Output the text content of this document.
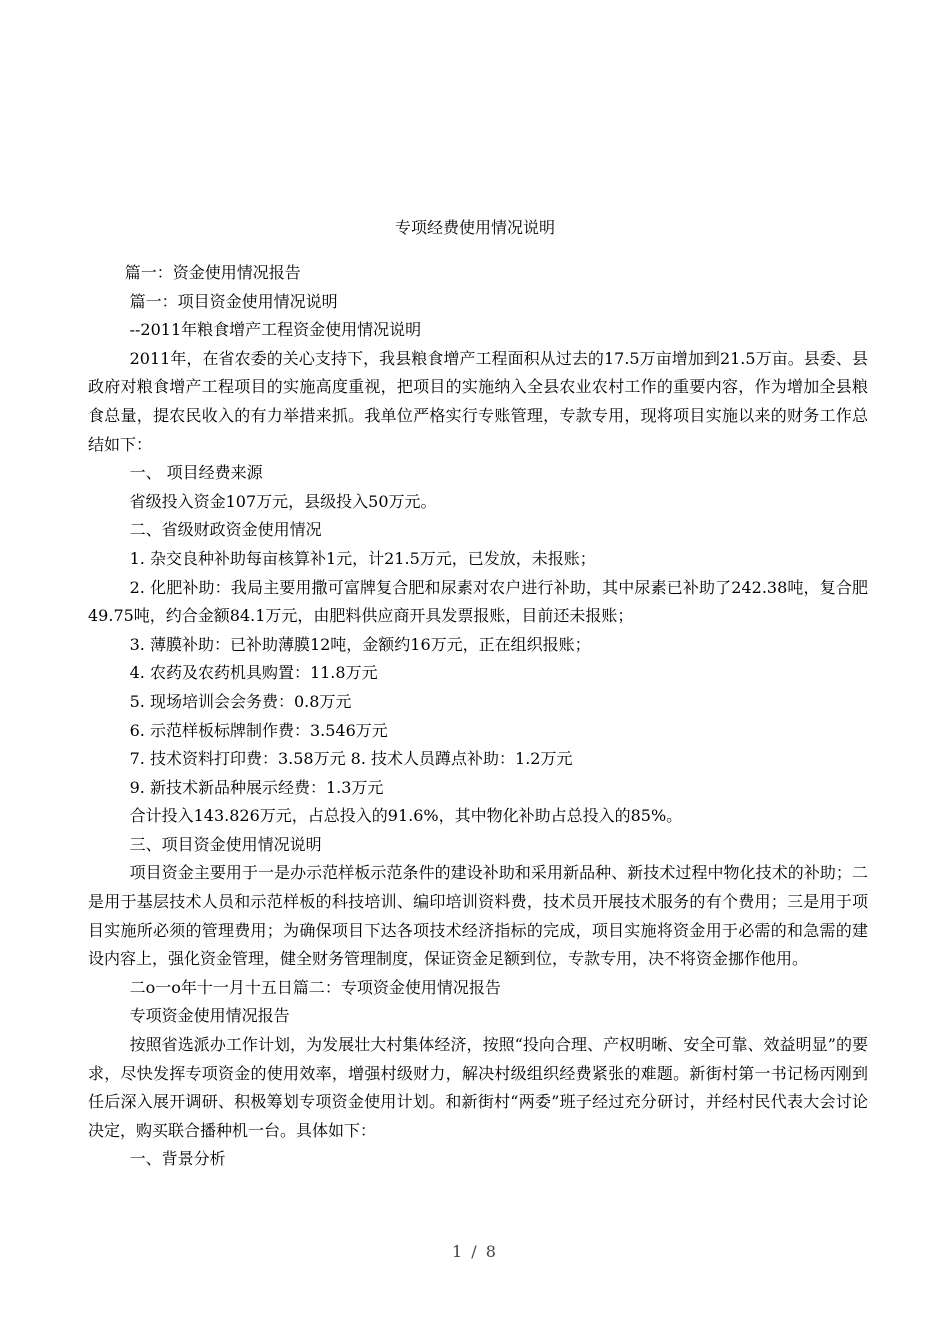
专项经费使用情况说明

篇一：资金使用情况报告

篇一：项目资金使用情况说明

--2011年粮食增产工程资金使用情况说明

2011年，在省农委的关心支持下，我县粮食增产工程面积从过去的17.5万亩增加到21.5万亩。县委、县政府对粮食增产工程项目的实施高度重视，把项目的实施纳入全县农业农村工作的重要内容，作为增加全县粮食总量，提农民收入的有力举措来抓。我单位严格实行专账管理，专款专用，现将项目实施以来的财务工作总结如下：

一、 项目经费来源

省级投入资金107万元，县级投入50万元。

二、省级财政资金使用情况

1. 杂交良种补助每亩核算补1元，计21.5万元，已发放，未报账；

2. 化肥补助：我局主要用撒可富牌复合肥和尿素对农户进行补助，其中尿素已补助了242.38吨，复合肥49.75吨，约合金额84.1万元，由肥料供应商开具发票报账，目前还未报账；

3. 薄膜补助：已补助薄膜12吨，金额约16万元，正在组织报账；

4. 农药及农药机具购置：11.8万元

5. 现场培训会会务费：0.8万元

6. 示范样板标牌制作费：3.546万元

7. 技术资料打印费：3.58万元 8. 技术人员蹲点补助：1.2万元

9. 新技术新品种展示经费：1.3万元

合计投入143.826万元，占总投入的91.6%，其中物化补助占总投入的85%。

三、项目资金使用情况说明

项目资金主要用于一是办示范样板示范条件的建设补助和采用新品种、新技术过程中物化技术的补助；二是用于基层技术人员和示范样板的科技培训、编印培训资料费，技术员开展技术服务的有个费用；三是用于项目实施所必须的管理费用；为确保项目下达各项技术经济指标的完成，项目实施将资金用于必需的和急需的建设内容上，强化资金管理，健全财务管理制度，保证资金足额到位，专款专用，决不将资金挪作他用。

二o一o年十一月十五日篇二：专项资金使用情况报告

专项资金使用情况报告

按照省选派办工作计划，为发展壮大村集体经济，按照“投向合理、产权明晰、安全可靠、效益明显”的要求，尽快发挥专项资金的使用效率，增强村级财力，解决村级组织经费紧张的难题。新街村第一书记杨丙刚到任后深入展开调研、积极筹划专项资金使用计划。和新街村“两委”班子经过充分研讨，并经村民代表大会讨论决定，购买联合播种机一台。具体如下：

一、背景分析

1 / 8
